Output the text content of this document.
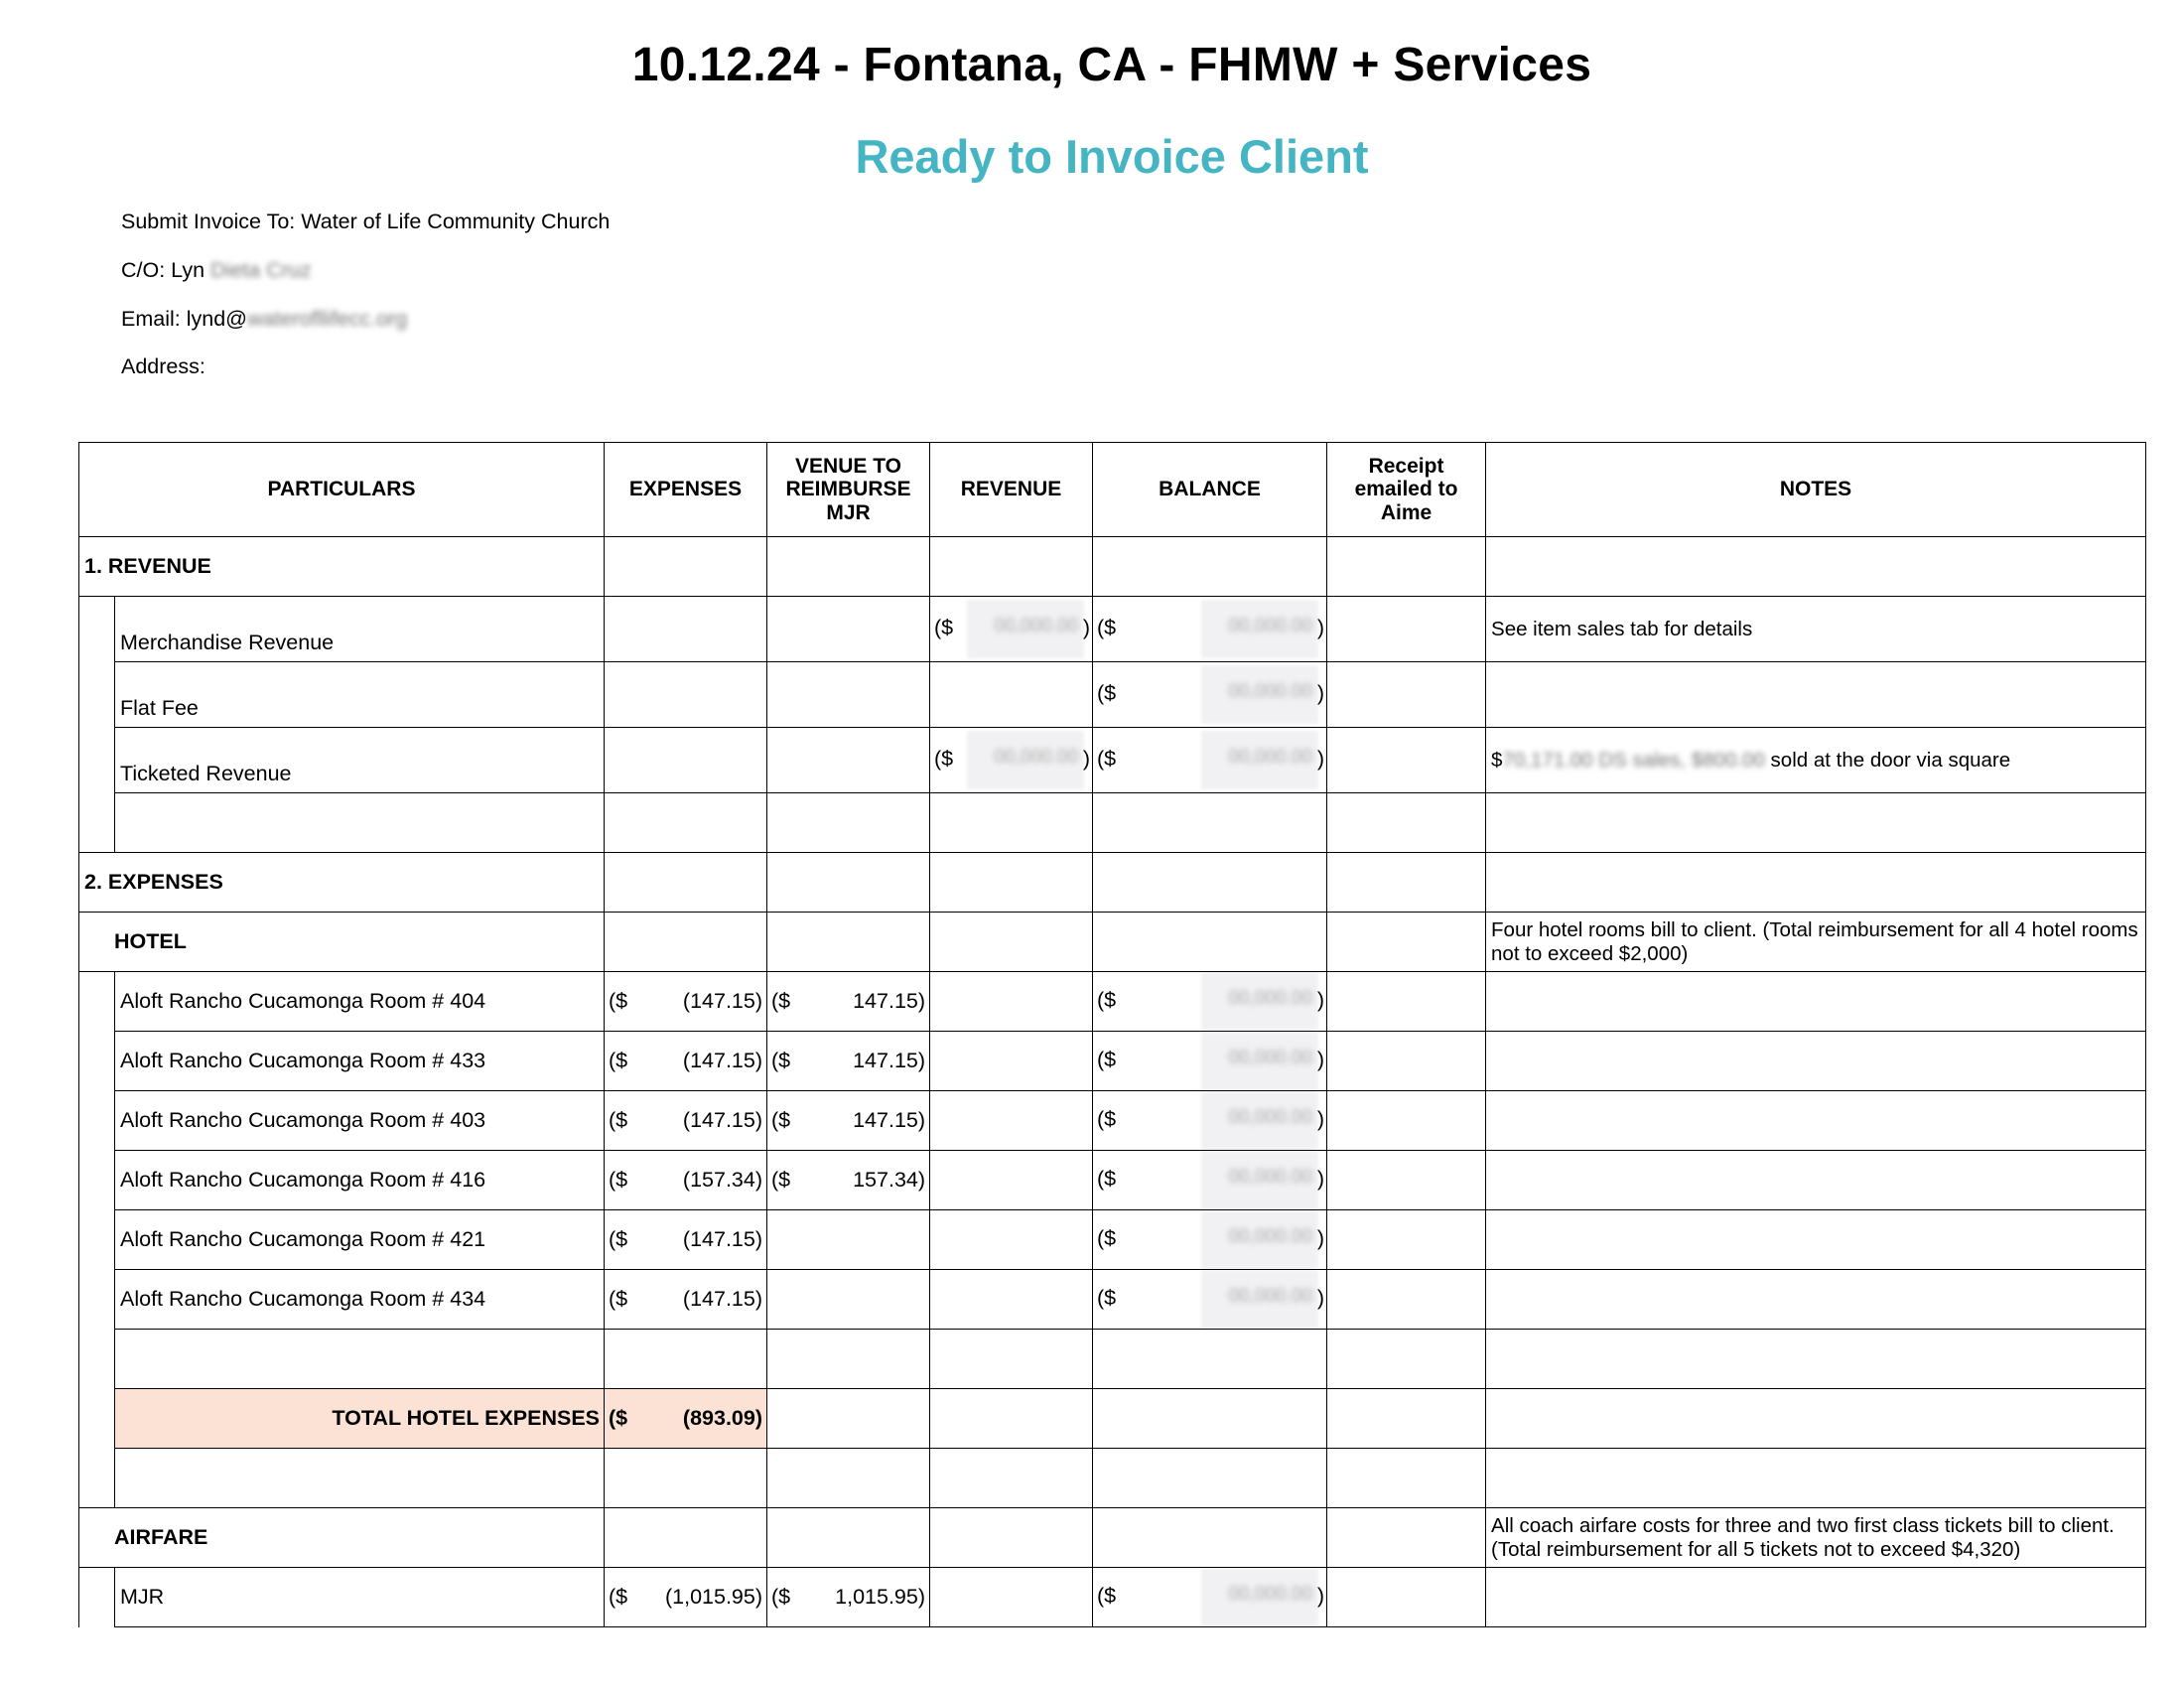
10.12.24 - Fontana, CA - FHMW + Services
Ready to Invoice Client
Submit Invoice To: Water of Life Community Church
C/O: Lyn Dieta Cruz
Email: lynd@waterofllifecc.org
Address:
PARTICULARS		EXPENSES	VENUE TO REIMBURSE MJR	REVENUE	BALANCE	Receipt emailed to Aime	NOTES
1. REVENUE							
	Merchandise Revenue			($ 00,000.00 )	($ 00,000.00 )		See item sales tab for details
	Flat Fee				($ 00,000.00 )		

	Ticketed Revenue			($ 00,000.00 )	($ 00,000.00 )		$70,171.00 DS sales, $800.00 sold at the door via square

2. EXPENSES							
HOTEL							Four hotel rooms bill to client. (Total reimbursement for all 4 hotel rooms not to exceed $2,000)
	Aloft Rancho Cucamonga Room # 404	($ (147.15)	($ 147.15)		($ 00,000.00 )		

	Aloft Rancho Cucamonga Room # 433	($ (147.15)	($ 147.15)		($ 00,000.00 )		

	Aloft Rancho Cucamonga Room # 403	($ (147.15)	($ 147.15)		($ 00,000.00 )		

	Aloft Rancho Cucamonga Room # 416	($ (157.34)	($ 157.34)		($ 00,000.00 )		

	Aloft Rancho Cucamonga Room # 421	($ (147.15)			($ 00,000.00 )		

	Aloft Rancho Cucamonga Room # 434	($ (147.15)			($ 00,000.00 )		

	TOTAL HOTEL EXPENSES	($ (893.09)					

AIRFARE							All coach airfare costs for three and two first class tickets bill to client. (Total reimbursement for all 5 tickets not to exceed $4,320)
	MJR	($ (1,015.95)	($ 1,015.95)		($ 00,000.00 )		
